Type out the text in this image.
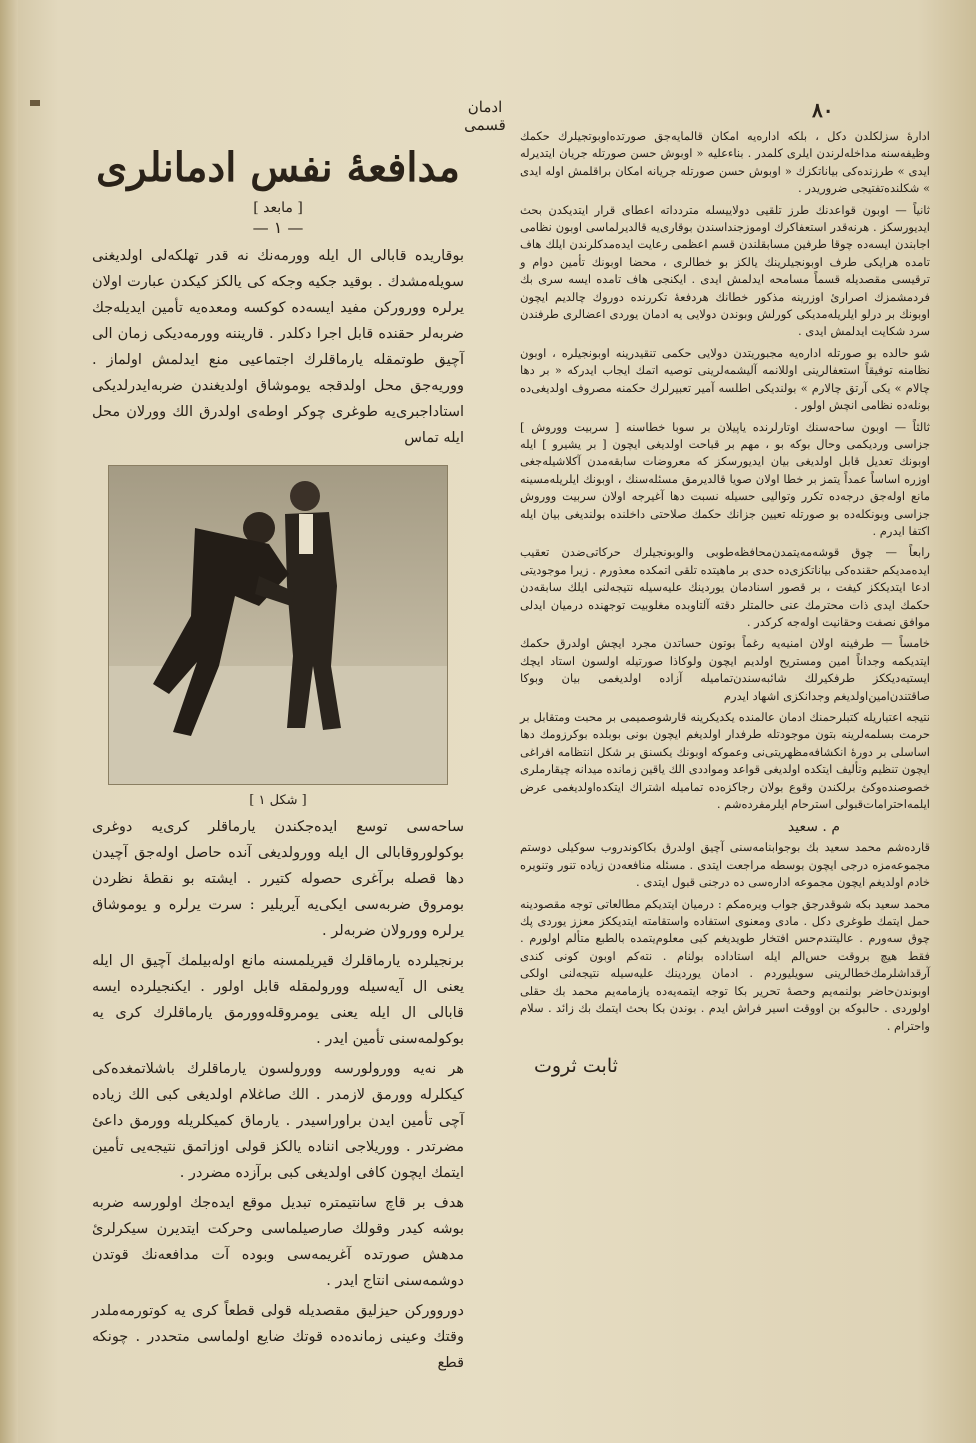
٨٠
ادمان قسمی

ادارهٔ سزلکلدن دکل ، بلکه اداره‌یه امکان قالمایه‌جق صورتده‌اوبوتجیلرك حکمك وظیفه‌سنه مداخله‌لرندن ایلری کلمدر . بناءعلیه « اوبوش حسن صورتله جریان ایتدیرله ایدی » طرزنده‌کی بیاناتکزك « اوبوش حسن صورتله جریانه امکان براقلمش اوله ایدی » شکلنده‌تفتیجی ضروریدر .

ثانیاً — اوبون قواعدنك طرز تلقیی دولاییسله متردداته اعطای قرار ایتدیکدن بحث ایدیورسکز . هرنه‌قدر استعفاکرك اوموزجنداسندن بوقاری‌یه قالدیرلماسی اوبون نظامی اجابندن ایسه‌ده چوقا طرفین مسابقلندن قسم اعظمی رعایت ایده‌مدکلرندن ایلك هاف تامده هرایکی طرف اوبونجیلرینك یالکز بو خطالری ، محضا اوبونك تأمین دوام و ترقیسی مقصدیله قسماً مسامحه ایدلمش ایدی . ایکنجی هاف تامده ایسه سری بك فردمشمزك اصرارئ اوزرینه مذکور خطانك هردفعهٔ تکررنده دوروك چالدیم ایچون اوبونك بر درلو ایلریله‌مدیکی کورلش وبوندن دولایی یه ادمان یوردی اعضالری طرفندن سرد شکایت ایدلمش ایدی .

شو حالده بو صورتله اداره‌یه مجبوریتدن دولایی حکمی تنقیدرینه اوبونجیلره ، اوبون نظامنه توفیقاً استعفالرینی اوللانمه آلیشمه‌لرینی توصیه اتمك ایجاب ایدرکه « بر دها چالام » یکی آرتق چالارم » بولندیکی اطلسه آمیر تعبیرلرك حکمنه مصروف اولدیغی‌ده بونله‌ده نظامی انچش اولور .

ثالثاً — اوبون ساحه‌سنك اوتارلرنده یاپیلان بر سوبا خطاسنه [ سربیت ووروش ] جزاسی وردیکمی وحال بوکه بو ، مهم بر قباحت اولدیغی ایچون [ بر یشیرو ] ایله اوبونك تعدیل قابل اولدیغی بیان ایدیورسکز که معروضات سابقه‌مدن آکلاشیله‌جغی اوزره اساساً عمداً یتمز بر خطا اولان صویا قالدیرمق مسئله‌سنك ، اوبونك ایلریله‌مسینه مانع اوله‌جق درجه‌ده تکرر وتوالیی حسیله نسبت دها آغیرجه اولان سربیت ووروش جزاسی وبونکله‌ده بو صورتله تعیین جزانك حکمك صلاحتی داخلنده بولندیغی بیان ایله اکتفا ایدرم .

رابعاً — چوق قوشه‌مه‌یتمدن‌محافظه‌طوبی والوبونجیلرك حرکاتی‌ضدن تعقیب ایده‌مدیکم حقنده‌کی بیاناتکزی‌ده حدی بر ماهیتده تلقی اتمکده معذورم . زیرا موجودیتی ادعا ایتدیککز کیفت ، بر قصور اسنادمان یوردینك علیه‌سیله نتیجه‌لنی ایلك سابقه‌دن حکمك ایدی ذات محترمك عنی حالمتلر دقته آلتاوبده مغلوبیت توجهنده درمیان ایدلی موافق نصفت وحقانیت اوله‌جه کرکدر .

خامساً — طرفینه اولان امنیه‌یه رغماً بوتون حساتدن مجرد ایچش اولدرق حکمك ایتدیکمه وجداناً امین ومستریح اولدیم ایچون ولوکاذا صورتیله اولسون استاد ایچك ایستیه‌دیککز طرفکیرلك شائبه‌سندن‌تمامیله آزاده اولدیغمی بیان وبوکا صاقتندن‌امین‌اولدیغم وجدانکزی اشهاد ایدرم

نتیجه اعتباریله کتبلرحمنك ادمان عالمنده یکدیکرینه قارشوصمیمی بر محبت ومتقابل بر حرمت بسلمه‌لرینه بتون موجودتله طرفدار اولدیغم ایچون بونی بوبلده بوکرزومك دها اساسلی بر دورهٔ انکشافه‌مظهریتی‌نی وعموکه اوبونك یکسنق بر شکل انتظامه افراغی ایچون تنظیم وتألیف ایتکده اولدیغی قواعد ومواددی الك یاقین زمانده میدانه چیقارملری خصوصنده‌وکئ برلکندن وقوع بولان رجاکزه‌ده تمامیله اشتراك ایتکده‌اولدیغمی عرض ایلمه‌احترامات‌قبولی استرحام ایلرمفرده‌شم .

م . سعید

قارده‌شم محمد سعید بك بوجوابنامه‌سنی آچیق اولدرق بکاکوندروب سوکیلی دوستم مجموعه‌مزه درجی ایچون بوسطه مراجعت ایتدی . مسئله منافعه‌دن زیاده تنور وتنویره خادم اولدیغم ایچون مجموعه اداره‌سی ده درجنی قبول ایتدی .

محمد سعید بکه شوقدرجق جواب ویره‌مکم : درمیان ایتدیکم مطالعاتی توجه مقصودینه حمل ایتمك طوغری دکل . مادی ومعنوی استفاده واستقامته ایتدیککز معزز یوردی پك چوق سه‌ورم . عالیتندم‌حس افتخار طویدیغم کبی معلوم‌یتمده بالطبع متألم اولورم . فقط هیچ بروقت حس‌الم ایله استاداده بولنام . نته‌کم اوبون کونی کندی آرقداشلرمك‌خطالرینی سویلیوردم . ادمان یوردینك علیه‌سیله نتیجه‌لنی اولکی اوبوندن‌حاضر بولنمه‌یم وحصهٔ تحریر بکا توجه ایتمه‌یه‌ده یازمامه‌یم محمد بك حقلی اولوردی . حالبوکه بن اووقت اسیر فراش ایدم . بوندن بکا بحث ایتمك بك زائد . سلام واحترام .

ثابت ثروت
مدافعهٔ نفس ادمانلری
[ مابعد ]
— ١ —

بوقاریده قابالی ال ایله وورمه‌نك نه قدر تهلکه‌لی اولدیغنی سویله‌مشدك . بوقید جکیه وجکه کی یالکز کیکدن عبارت اولان یرلره وورورکن مفید ایسه‌ده کوکسه ومعده‌یه تأمین ایدیله‌جك ضربه‌لر حقنده قابل اجرا دکلدر . قاریننه وورمه‌دیکی زمان الی آچیق طوتمقله یارماقلرك اجتماعیی منع ایدلمش اولماز . ووریه‌جق محل اولدقجه یوموشاق اولدیغندن ضربه‌ایدرلدیکی استاداجبری‌یه طوغری چوکر اوطه‌ی اولدرق الك وورلان محل ایله تماس

[ شکل ١ ]

ساحه‌سی توسع ایده‌جکندن یارماقلر کری‌یه دوغری بوکولوروقابالی ال ایله وورولدیغی آنده حاصل اوله‌جق آچیدن دها قصله برآغری حصوله کتیرر . ایشته بو نقطهٔ نظردن بومروق ضربه‌سی ایکی‌یه آیریلیر : سرت یرلره و یوموشاق یرلره وورولان ضربه‌لر .

برنجیلرده یارماقلرك قیریلمسنه مانع اوله‌بیلمك آچیق ال ایله یعنی ال آیه‌سیله وورولمقله قابل اولور . ایکنجیلرده ایسه قابالی ال ایله یعنی یومروقله‌وورمق یارماقلرك کری یه بوکولمه‌سنی تأمین ایدر .

هر نه‌یه وورولورسه وورولسون یارماقلرك باشلاتمغده‌کی کیکلرله وورمق لازمدر . الك صاغلام اولدیغی کبی الك زیاده آچی تأمین ایدن براوراسیدر . یارماق کمیکلریله وورمق داعیٔ مضرتدر . ووریلاجی انناده یالکز قولی اوزاتمق نتیجه‌یی تأمین ایتمك ایچون کافی اولدیغی کبی برآزده مضردر .

هدف بر قاچ سانتیمتره تبدیل موقع ایده‌جك اولورسه ضربه بوشه کیدر وقولك صارصیلماسی وحرکت ایتدیرن سیکرلرئ مدهش صورتده آغریمه‌سی وبوده آت مدافعه‌نك قوتدن دوشمه‌سنی انتاج ایدر .

دوروورکن حیزلیق مقصدیله قولی قطعاً کری یه کوتورمه‌ملدر وقتك وعینی زمانده‌ده قوتك ضایع اولماسی متحددر . چونکه قطع
